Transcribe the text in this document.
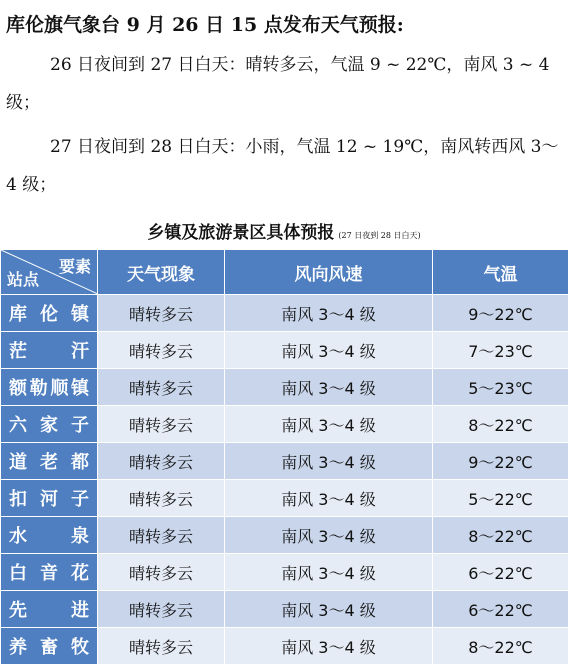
库伦旗气象台 9 月 26 日 15 点发布天气预报:
26 日夜间到 27 日白天：晴转多云，气温 9 ~ 22℃，南风 3 ~ 4 级；
27 日夜间到 28 日白天：小雨，气温 12 ~ 19℃，南风转西风 3～4 级；
乡镇及旅游景区具体预报 (27 日夜到 28 日白天)
要素
站点	天气现象	风向风速	气温

库 伦 镇	晴转多云	南风 3～4 级	9～22℃

茫 汗	晴转多云	南风 3～4 级	7～23℃

额 勒 顺 镇	晴转多云	南风 3～4 级	5～23℃

六 家 子	晴转多云	南风 3～4 级	8～22℃

道 老 都	晴转多云	南风 3～4 级	9～22℃

扣 河 子	晴转多云	南风 3～4 级	5～22℃

水 泉	晴转多云	南风 3～4 级	8～22℃

白 音 花	晴转多云	南风 3～4 级	6～22℃

先 进	晴转多云	南风 3～4 级	6～22℃

养 畜 牧	晴转多云	南风 3～4 级	8～22℃
